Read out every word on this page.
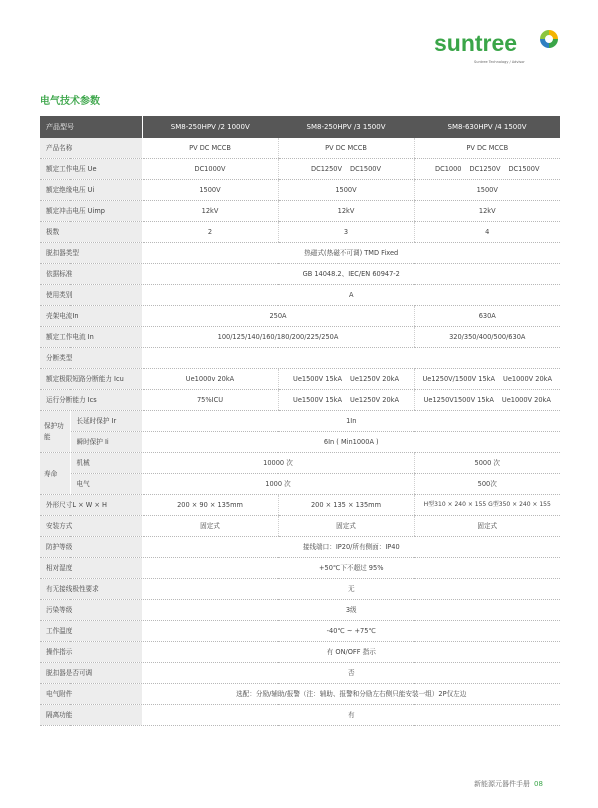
suntree
Suntree Technology / Advisor
电气技术参数
产品型号		SM8-250HPV /2 1000V	SM8-250HPV /3 1500V	SM8-630HPV /4 1500V
产品名称		PV DC MCCB	PV DC MCCB	PV DC MCCB
额定工作电压 Ue		DC1000V	DC1250V DC1500V	DC1000 DC1250V DC1500V
额定绝缘电压 Ui		1500V	1500V	1500V
额定冲击电压 Uimp		12kV	12kV	12kV
极数		2	3	4
脱扣器类型		热磁式(热磁不可调) TMD Fixed		
依据标准		GB 14048.2、IEC/EN 60947-2		
使用类别		A		
壳架电流In		250A		630A
额定工作电流 In		100/125/140/160/180/200/225/250A		320/350/400/500/630A
分断类型				
额定极限短路分断能力 Icu		Ue1000v 20kA	Ue1500V 15kA Ue1250V 20kA	Ue1250V/1500V 15kA Ue1000V 20kA
运行分断能力 Ics		75%ICU	Ue1500V 15kA Ue1250V 20kA	Ue1250V1500V 15kA Ue1000V 20kA
保护功能	长延时保护 Ir	1In		
	瞬时保护 Ii	6In ( Min1000A )		
寿命	机械	10000 次		5000 次
	电气	1000 次		500次
外形尺寸L × W × H		200 × 90 × 135mm	200 × 135 × 135mm	H型310 × 240 × 155 G型350 × 240 × 155
安装方式		固定式	固定式	固定式
防护等级		接线端口：IP20/所有侧面：IP40		
相对湿度		+50℃下不超过 95%		
有无接线极性要求		无		
污染等级		3级		
工作温度		-40℃ ~ +75℃		
操作指示		有 ON/OFF 指示		
脱扣器是否可调		否		
电气附件		选配：分励/辅助/报警（注：辅助、报警和分励左右侧只能安装一组）2P仅左边		
隔离功能		有		
新能源元器件手册 08
